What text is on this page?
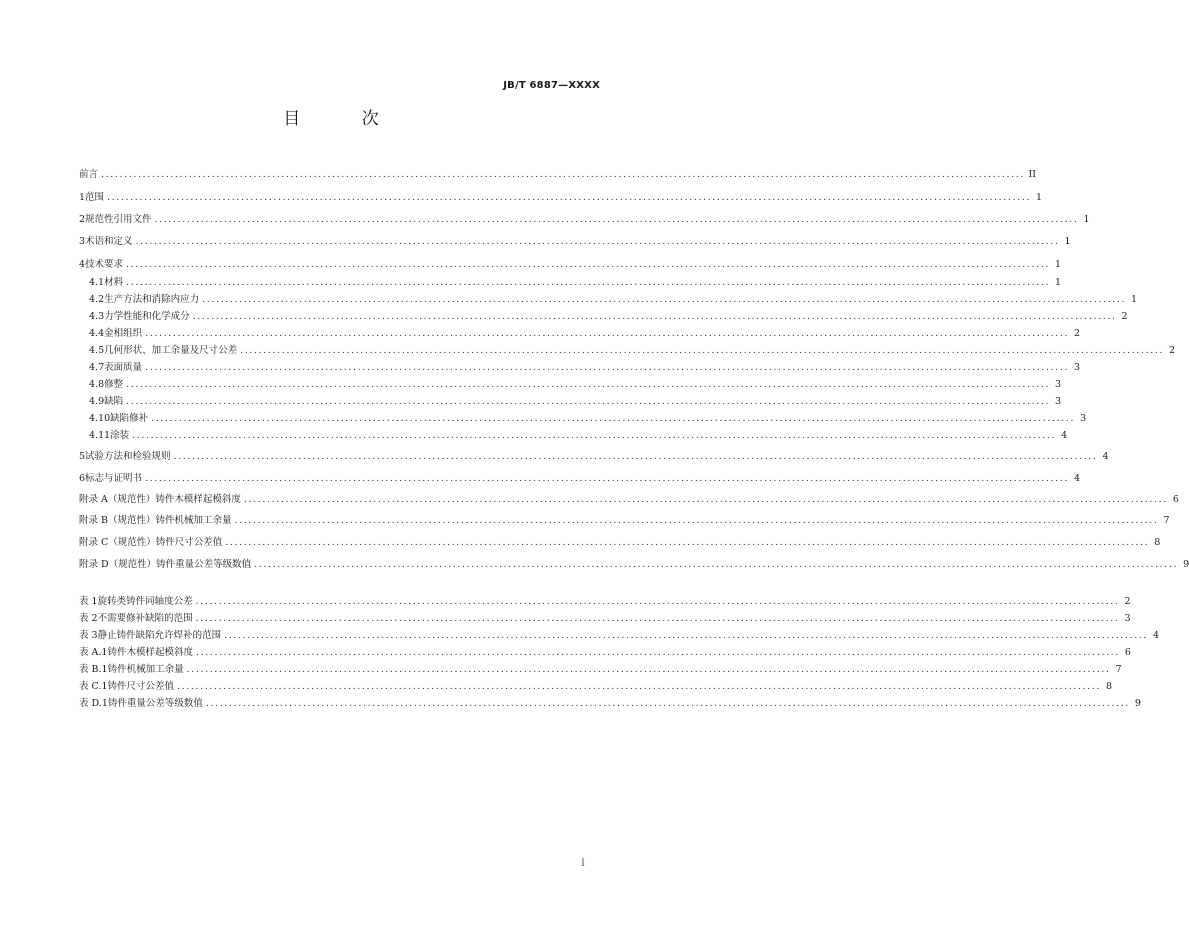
JB/T 6887—XXXX
目 次
前言 ........................................................................................................................................................................................................ II
1 范围 ........................................................................................................................................................................................................ 1
2 规范性引用文件 ........................................................................................................................................................................................................ 1
3 术语和定义 ........................................................................................................................................................................................................ 1
4 技术要求 ........................................................................................................................................................................................................ 1
4.1 材料 ........................................................................................................................................................................................................ 1
4.2 生产方法和消除内应力 ........................................................................................................................................................................................................ 1
4.3 力学性能和化学成分 ........................................................................................................................................................................................................ 2
4.4 金相组织 ........................................................................................................................................................................................................ 2
4.5 几何形状、加工余量及尺寸公差 ........................................................................................................................................................................................................ 2
4.7 表面质量 ........................................................................................................................................................................................................ 3
4.8 修整 ........................................................................................................................................................................................................ 3
4.9 缺陷 ........................................................................................................................................................................................................ 3
4.10 缺陷修补 ........................................................................................................................................................................................................ 3
4.11 涂装 ........................................................................................................................................................................................................ 4
5 试验方法和检验规则 ........................................................................................................................................................................................................ 4
6 标志与证明书 ........................................................................................................................................................................................................ 4
附录 A（规范性） 铸件木模样起模斜度 ........................................................................................................................................................................................................ 6
附录 B（规范性） 铸件机械加工余量 ........................................................................................................................................................................................................ 7
附录 C（规范性） 铸件尺寸公差值 ........................................................................................................................................................................................................ 8
附录 D（规范性） 铸件重量公差等级数值 ........................................................................................................................................................................................................ 9
表 1 旋转类铸件同轴度公差 ........................................................................................................................................................................................................ 2
表 2 不需要修补缺陷的范围 ........................................................................................................................................................................................................ 3
表 3 静止铸件缺陷允许焊补的范围 ........................................................................................................................................................................................................ 4
表 A.1 铸件木模样起模斜度 ........................................................................................................................................................................................................ 6
表 B.1 铸件机械加工余量 ........................................................................................................................................................................................................ 7
表 C.1 铸件尺寸公差值 ........................................................................................................................................................................................................ 8
表 D.1 铸件重量公差等级数值 ........................................................................................................................................................................................................ 9
I
